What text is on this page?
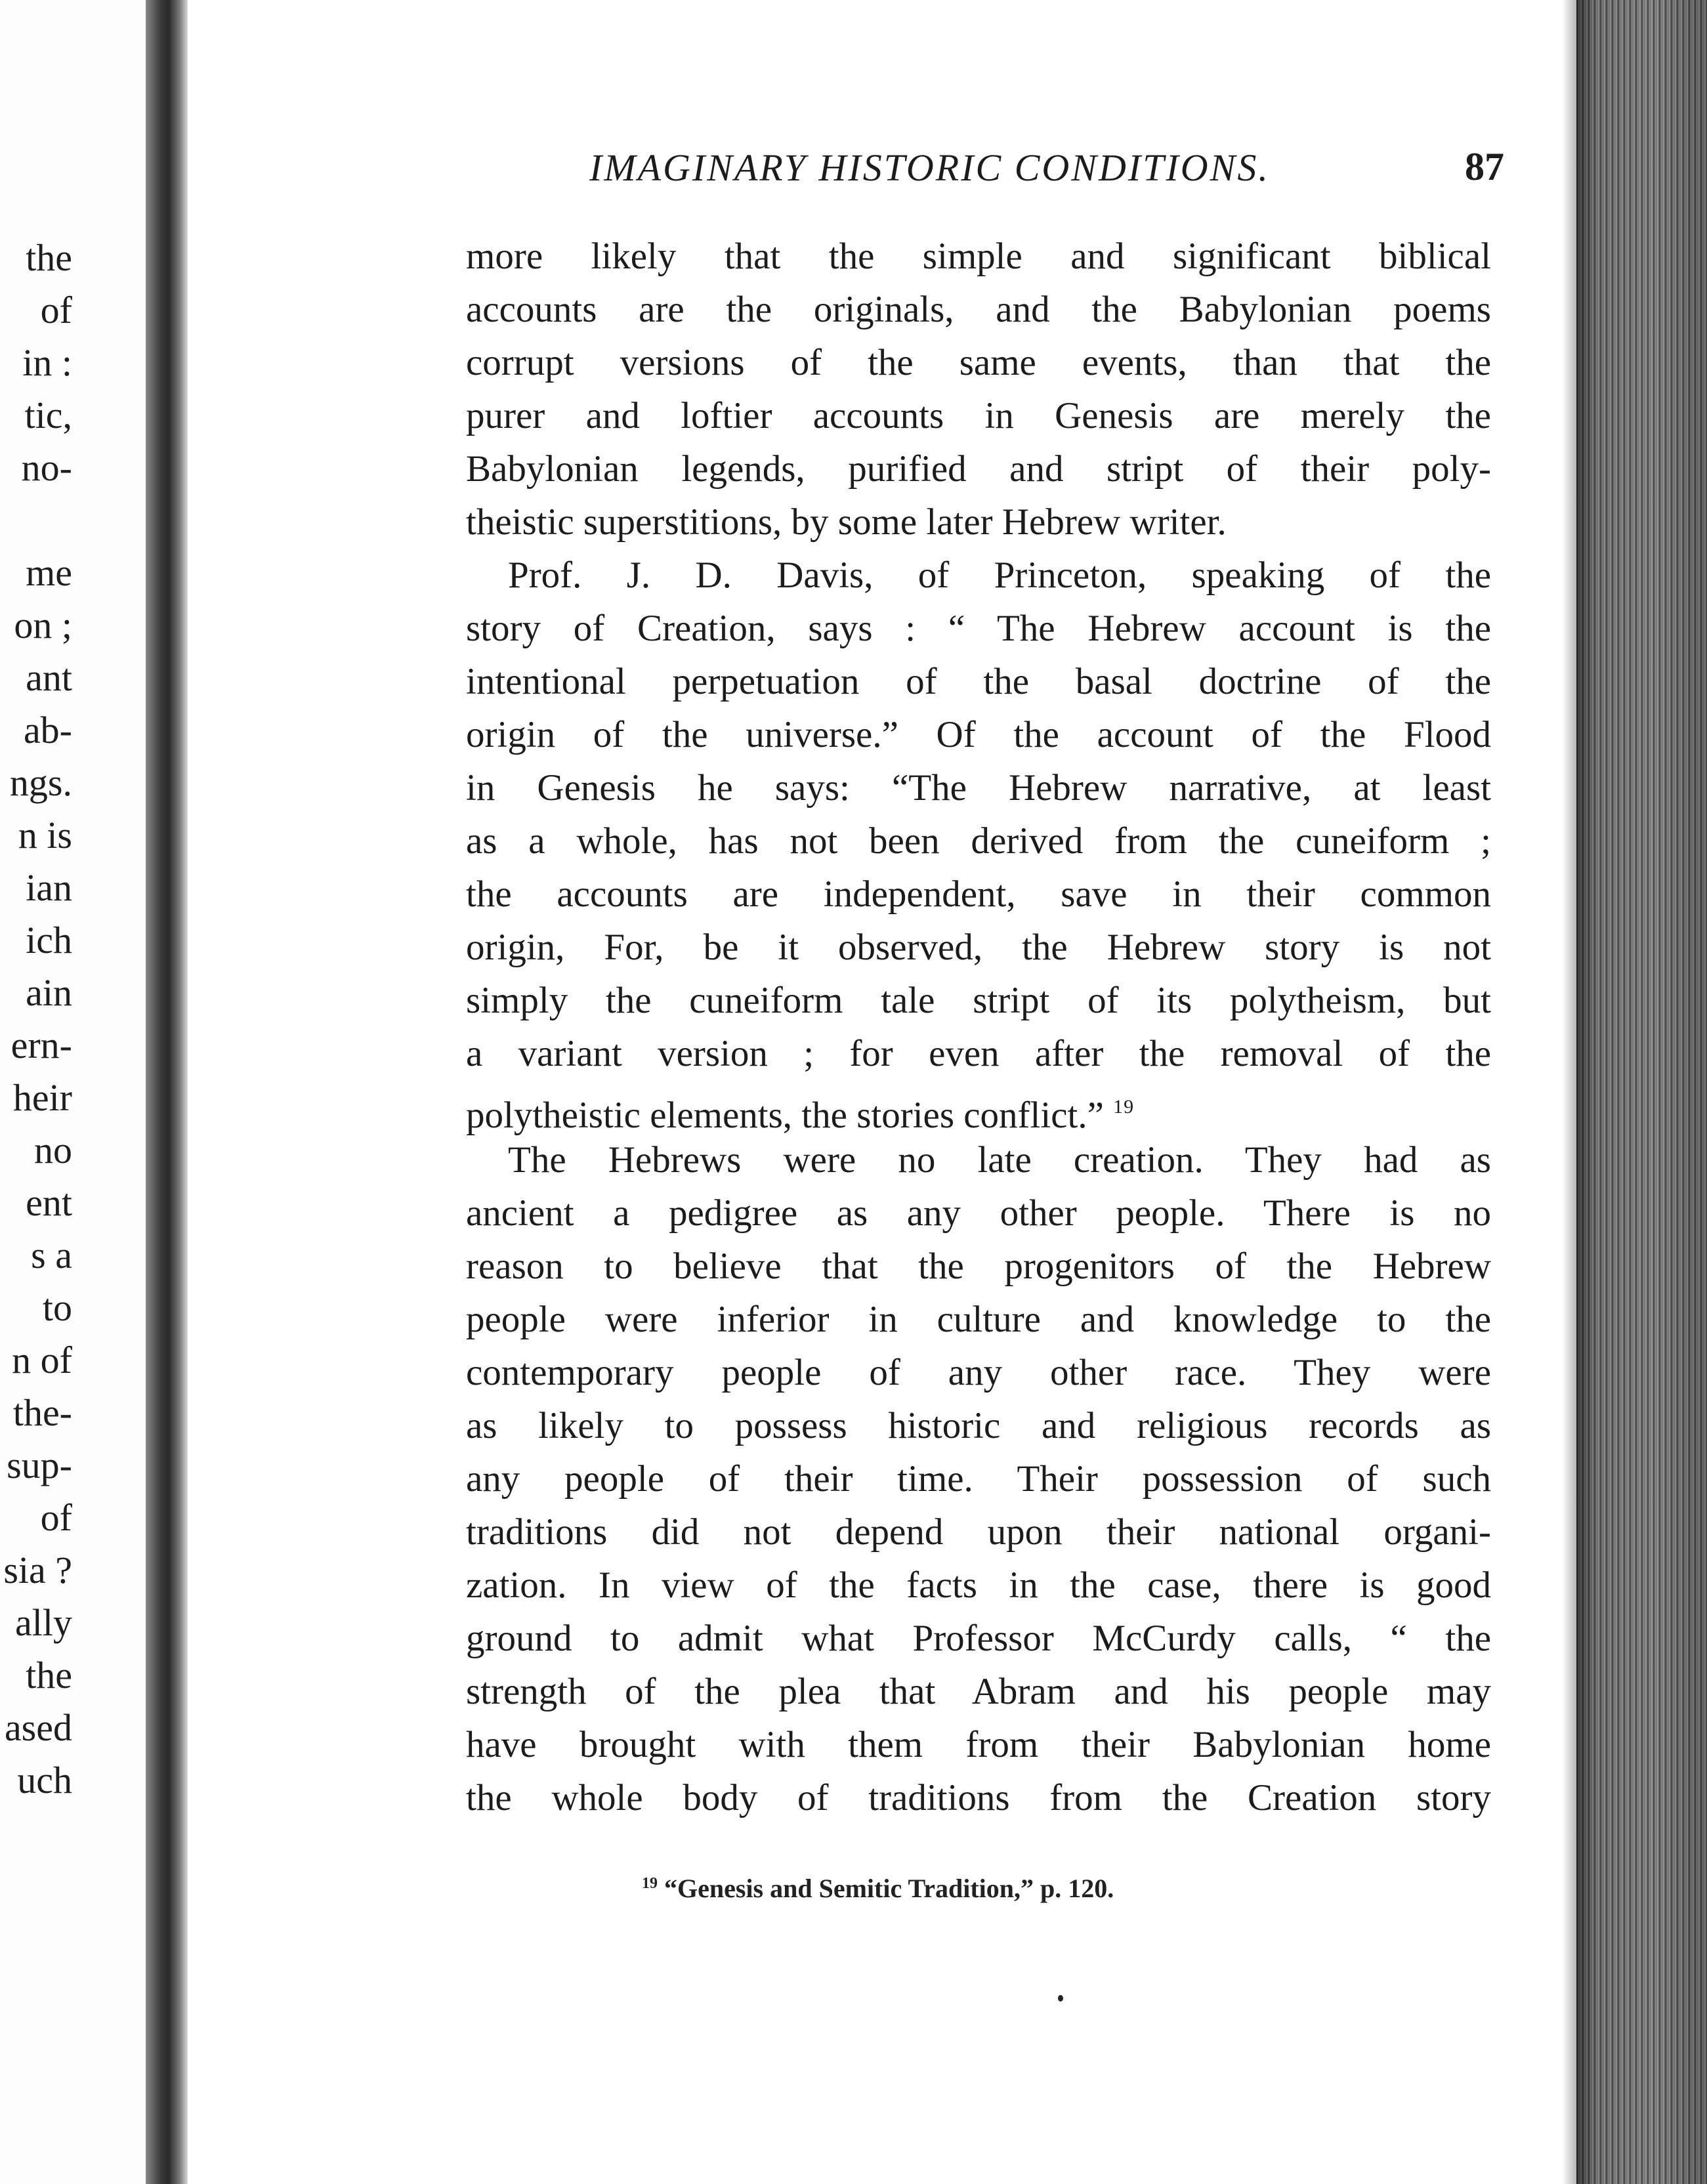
the
of
in :
tic,
no-
me
on ;
ant
ab-
ngs.
n is
ian
ich
ain
ern-
heir
no
ent
s a
to
n of
the-
sup-
of
sia ?
ally
the
ased
uch
IMAGINARY HISTORIC CONDITIONS.	87
more likely that the simple and significant biblical
accounts are the originals, and the Babylonian poems
corrupt versions of the same events, than that the
purer and loftier accounts in Genesis are merely the
Babylonian legends, purified and stript of their poly-
theistic superstitions, by some later Hebrew writer.
Prof. J. D. Davis, of Princeton, speaking of the
story of Creation, says : “ The Hebrew account is the
intentional perpetuation of the basal doctrine of the
origin of the universe.” Of the account of the Flood
in Genesis he says: “The Hebrew narrative, at least
as a whole, has not been derived from the cuneiform ;
the accounts are independent, save in their common
origin, For, be it observed, the Hebrew story is not
simply the cuneiform tale stript of its polytheism, but
a variant version ; for even after the removal of the
polytheistic elements, the stories conflict.” $^{19}$
The Hebrews were no late creation. They had as
ancient a pedigree as any other people. There is no
reason to believe that the progenitors of the Hebrew
people were inferior in culture and knowledge to the
contemporary people of any other race. They were
as likely to possess historic and religious records as
any people of their time. Their possession of such
traditions did not depend upon their national organi-
zation. In view of the facts in the case, there is good
ground to admit what Professor McCurdy calls, “ the
strength of the plea that Abram and his people may
have brought with them from their Babylonian home
the whole body of traditions from the Creation story
$^{19}$ “Genesis and Semitic Tradition,” p. 120.
